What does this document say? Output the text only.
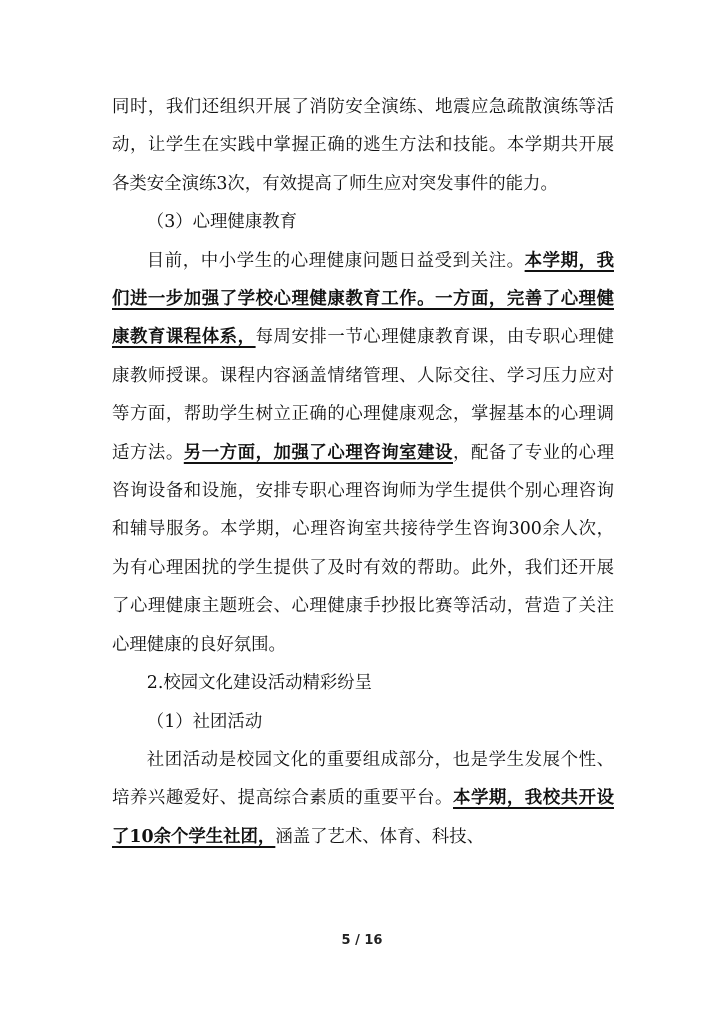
同时，我们还组织开展了消防安全演练、地震应急疏散演练等活动，让学生在实践中掌握正确的逃生方法和技能。本学期共开展各类安全演练3次，有效提高了师生应对突发事件的能力。

（3）心理健康教育

目前，中小学生的心理健康问题日益受到关注。本学期，我们进一步加强了学校心理健康教育工作。一方面，完善了心理健康教育课程体系，每周安排一节心理健康教育课，由专职心理健康教师授课。课程内容涵盖情绪管理、人际交往、学习压力应对等方面，帮助学生树立正确的心理健康观念，掌握基本的心理调适方法。另一方面，加强了心理咨询室建设，配备了专业的心理咨询设备和设施，安排专职心理咨询师为学生提供个别心理咨询和辅导服务。本学期，心理咨询室共接待学生咨询300余人次，为有心理困扰的学生提供了及时有效的帮助。此外，我们还开展了心理健康主题班会、心理健康手抄报比赛等活动，营造了关注心理健康的良好氛围。

2.校园文化建设活动精彩纷呈

（1）社团活动

社团活动是校园文化的重要组成部分，也是学生发展个性、培养兴趣爱好、提高综合素质的重要平台。本学期，我校共开设了10余个学生社团，涵盖了艺术、体育、科技、

5 / 16
